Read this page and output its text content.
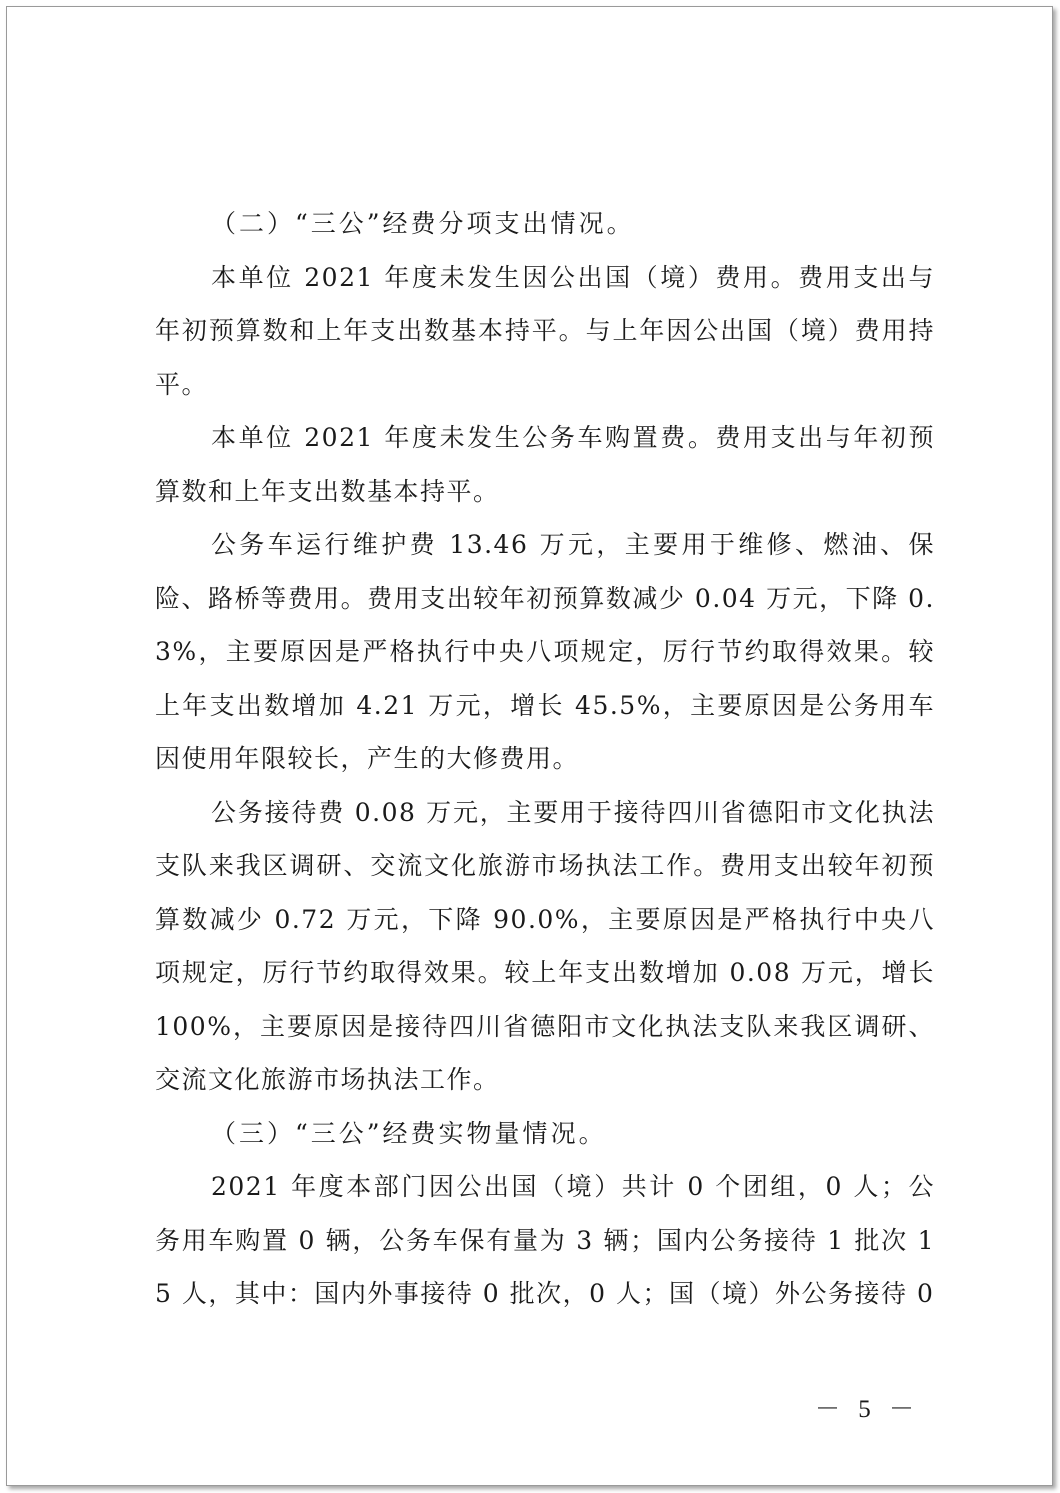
（二）“三公”经费分项支出情况。

本单位 2021 年度未发生因公出国（境）费用。费用支出与年初预算数和上年支出数基本持平。与上年因公出国（境）费用持平。

本单位 2021 年度未发生公务车购置费。费用支出与年初预算数和上年支出数基本持平。

公务车运行维护费 13.46 万元，主要用于维修、燃油、保险、路桥等费用。费用支出较年初预算数减少 0.04 万元，下降 0.3%，主要原因是严格执行中央八项规定，厉行节约取得效果。较上年支出数增加 4.21 万元，增长 45.5%，主要原因是公务用车因使用年限较长，产生的大修费用。

公务接待费 0.08 万元，主要用于接待四川省德阳市文化执法支队来我区调研、交流文化旅游市场执法工作。费用支出较年初预算数减少 0.72 万元，下降 90.0%，主要原因是严格执行中央八项规定，厉行节约取得效果。较上年支出数增加 0.08 万元，增长 100%，主要原因是接待四川省德阳市文化执法支队来我区调研、交流文化旅游市场执法工作。

（三）“三公”经费实物量情况。

2021 年度本部门因公出国（境）共计 0 个团组，0 人；公务用车购置 0 辆，公务车保有量为 3 辆；国内公务接待 1 批次 15 人，其中：国内外事接待 0 批次，0 人；国（境）外公务接待 0

－ 5 －
